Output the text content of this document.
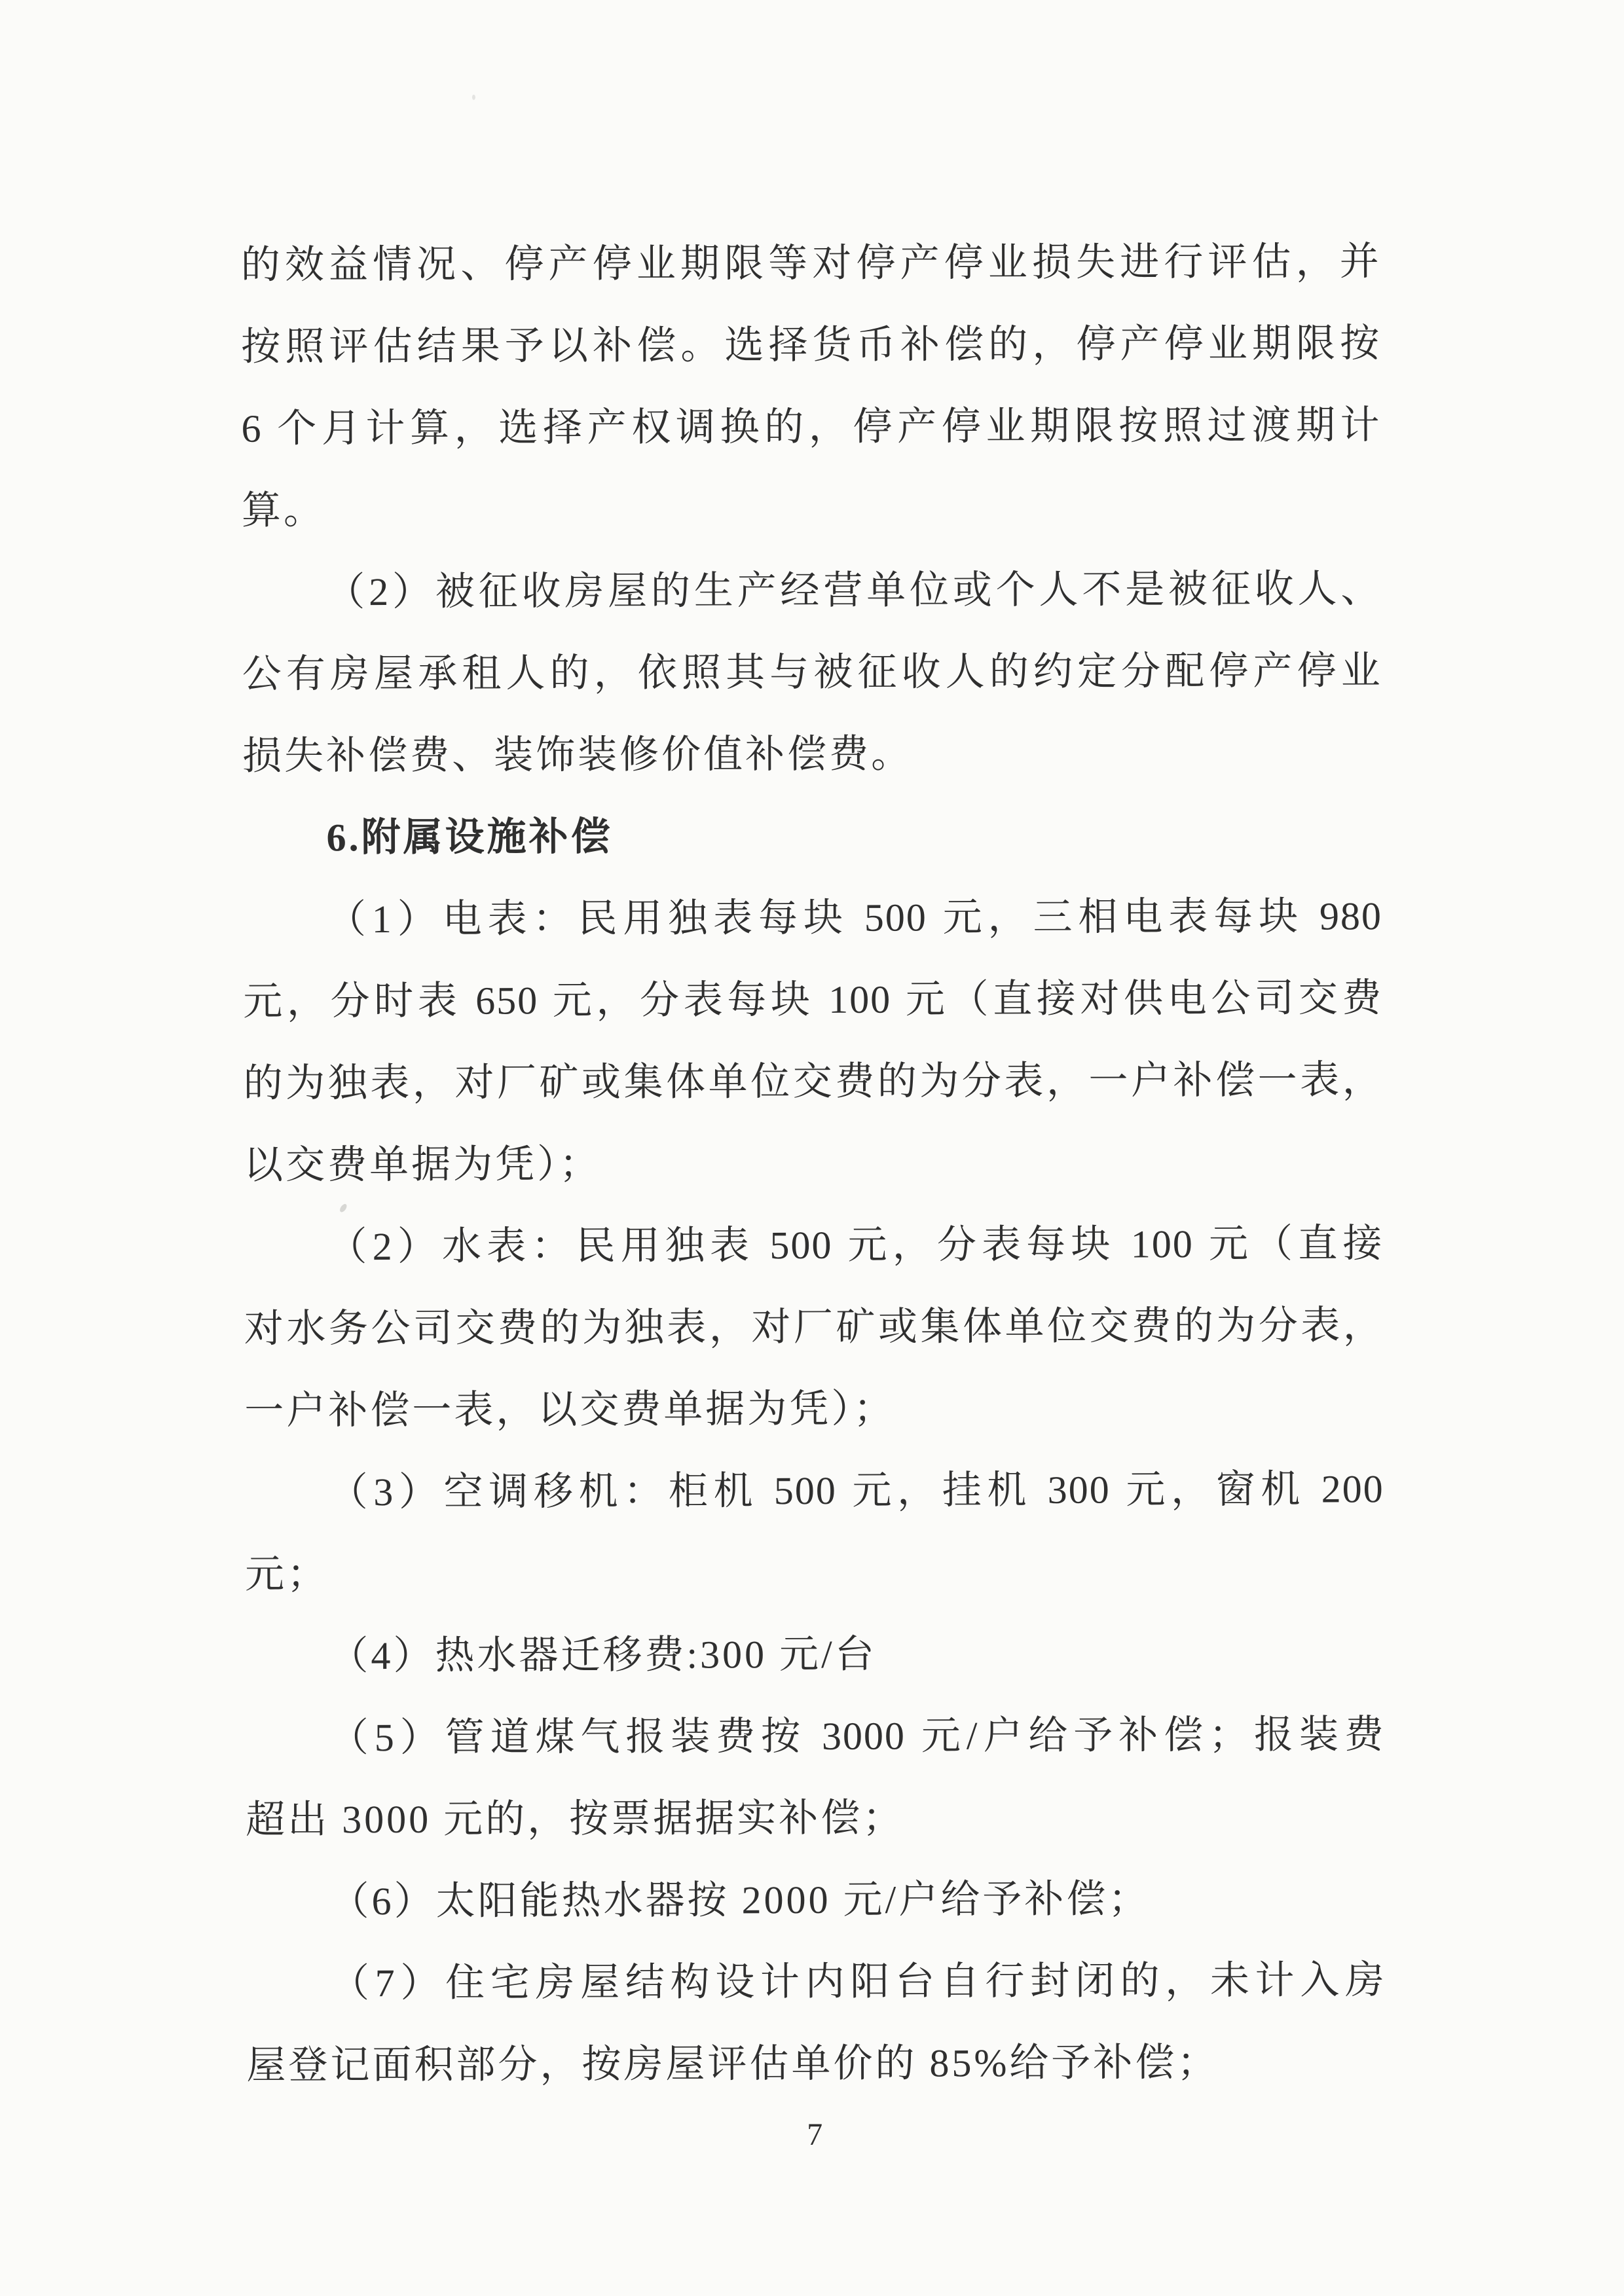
的效益情况、停产停业期限等对停产停业损失进行评估，并
按照评估结果予以补偿。选择货币补偿的，停产停业期限按
6 个月计算，选择产权调换的，停产停业期限按照过渡期计
算。
（2）被征收房屋的生产经营单位或个人不是被征收人、
公有房屋承租人的，依照其与被征收人的约定分配停产停业
损失补偿费、装饰装修价值补偿费。
6.附属设施补偿
（1）电表：民用独表每块 500 元，三相电表每块 980
元，分时表 650 元，分表每块 100 元（直接对供电公司交费
的为独表，对厂矿或集体单位交费的为分表，一户补偿一表，
以交费单据为凭）；
（2）水表：民用独表 500 元，分表每块 100 元（直接
对水务公司交费的为独表，对厂矿或集体单位交费的为分表，
一户补偿一表，以交费单据为凭）；
（3）空调移机：柜机 500 元，挂机 300 元，窗机 200
元；
（4）热水器迁移费:300 元/台
（5）管道煤气报装费按 3000 元/户给予补偿；报装费
超出 3000 元的，按票据据实补偿；
（6）太阳能热水器按 2000 元/户给予补偿；
（7）住宅房屋结构设计内阳台自行封闭的，未计入房
屋登记面积部分，按房屋评估单价的 85%给予补偿；
7
